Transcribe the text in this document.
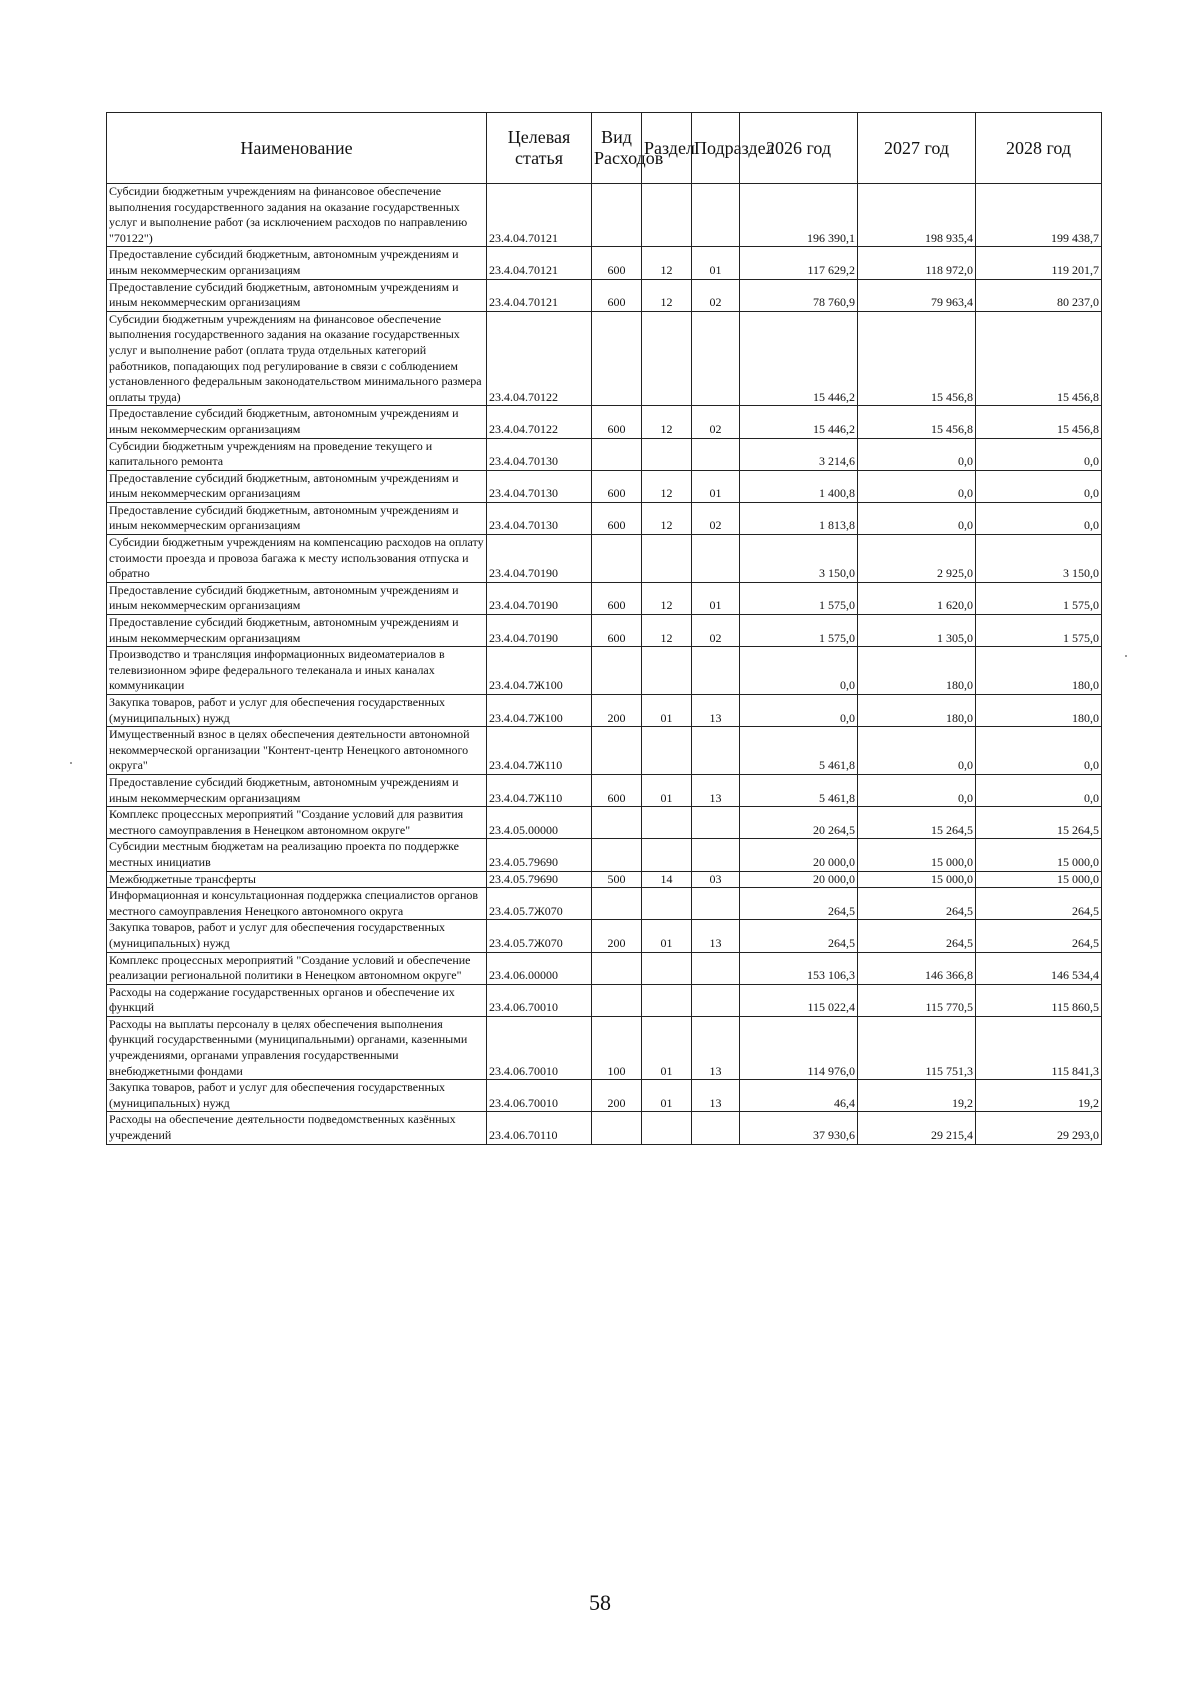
Наименование	Целевая статья	Вид Расходов	Раздел	Подраздел	2026 год	2027 год	2028 год
Субсидии бюджетным учреждениям на финансовое обеспечение выполнения государственного задания на оказание государственных услуг и выполнение работ (за исключением расходов по направлению "70122")	23.4.04.70121				196 390,1	198 935,4	199 438,7
Предоставление субсидий бюджетным, автономным учреждениям и иным некоммерческим организациям	23.4.04.70121	600	12	01	117 629,2	118 972,0	119 201,7
Предоставление субсидий бюджетным, автономным учреждениям и иным некоммерческим организациям	23.4.04.70121	600	12	02	78 760,9	79 963,4	80 237,0
Субсидии бюджетным учреждениям на финансовое обеспечение выполнения государственного задания на оказание государственных услуг и выполнение работ (оплата труда отдельных категорий работников, попадающих под регулирование в связи с соблюдением установленного федеральным законодательством минимального размера оплаты труда)	23.4.04.70122				15 446,2	15 456,8	15 456,8
Предоставление субсидий бюджетным, автономным учреждениям и иным некоммерческим организациям	23.4.04.70122	600	12	02	15 446,2	15 456,8	15 456,8
Субсидии бюджетным учреждениям на проведение текущего и капитального ремонта	23.4.04.70130				3 214,6	0,0	0,0
Предоставление субсидий бюджетным, автономным учреждениям и иным некоммерческим организациям	23.4.04.70130	600	12	01	1 400,8	0,0	0,0
Предоставление субсидий бюджетным, автономным учреждениям и иным некоммерческим организациям	23.4.04.70130	600	12	02	1 813,8	0,0	0,0
Субсидии бюджетным учреждениям на компенсацию расходов на оплату стоимости проезда и провоза багажа к месту использования отпуска и обратно	23.4.04.70190				3 150,0	2 925,0	3 150,0
Предоставление субсидий бюджетным, автономным учреждениям и иным некоммерческим организациям	23.4.04.70190	600	12	01	1 575,0	1 620,0	1 575,0
Предоставление субсидий бюджетным, автономным учреждениям и иным некоммерческим организациям	23.4.04.70190	600	12	02	1 575,0	1 305,0	1 575,0
Производство и трансляция информационных видеоматериалов в телевизионном эфире федерального телеканала и иных каналах коммуникации	23.4.04.7Ж100				0,0	180,0	180,0
Закупка товаров, работ и услуг для обеспечения государственных (муниципальных) нужд	23.4.04.7Ж100	200	01	13	0,0	180,0	180,0
Имущественный взнос в целях обеспечения деятельности автономной некоммерческой организации "Контент-центр Ненецкого автономного округа"	23.4.04.7Ж110				5 461,8	0,0	0,0
Предоставление субсидий бюджетным, автономным учреждениям и иным некоммерческим организациям	23.4.04.7Ж110	600	01	13	5 461,8	0,0	0,0
Комплекс процессных мероприятий "Создание условий для развития местного самоуправления в Ненецком автономном округе"	23.4.05.00000				20 264,5	15 264,5	15 264,5
Субсидии местным бюджетам на реализацию проекта по поддержке местных инициатив	23.4.05.79690				20 000,0	15 000,0	15 000,0
Межбюджетные трансферты	23.4.05.79690	500	14	03	20 000,0	15 000,0	15 000,0
Информационная и консультационная поддержка специалистов органов местного самоуправления Ненецкого автономного округа	23.4.05.7Ж070				264,5	264,5	264,5
Закупка товаров, работ и услуг для обеспечения государственных (муниципальных) нужд	23.4.05.7Ж070	200	01	13	264,5	264,5	264,5
Комплекс процессных мероприятий "Создание условий и обеспечение реализации региональной политики в Ненецком автономном округе"	23.4.06.00000				153 106,3	146 366,8	146 534,4
Расходы на содержание государственных органов и обеспечение их функций	23.4.06.70010				115 022,4	115 770,5	115 860,5
Расходы на выплаты персоналу в целях обеспечения выполнения функций государственными (муниципальными) органами, казенными учреждениями, органами управления государственными внебюджетными фондами	23.4.06.70010	100	01	13	114 976,0	115 751,3	115 841,3
Закупка товаров, работ и услуг для обеспечения государственных (муниципальных) нужд	23.4.06.70010	200	01	13	46,4	19,2	19,2
Расходы на обеспечение деятельности подведомственных казённых учреждений	23.4.06.70110				37 930,6	29 215,4	29 293,0
58
